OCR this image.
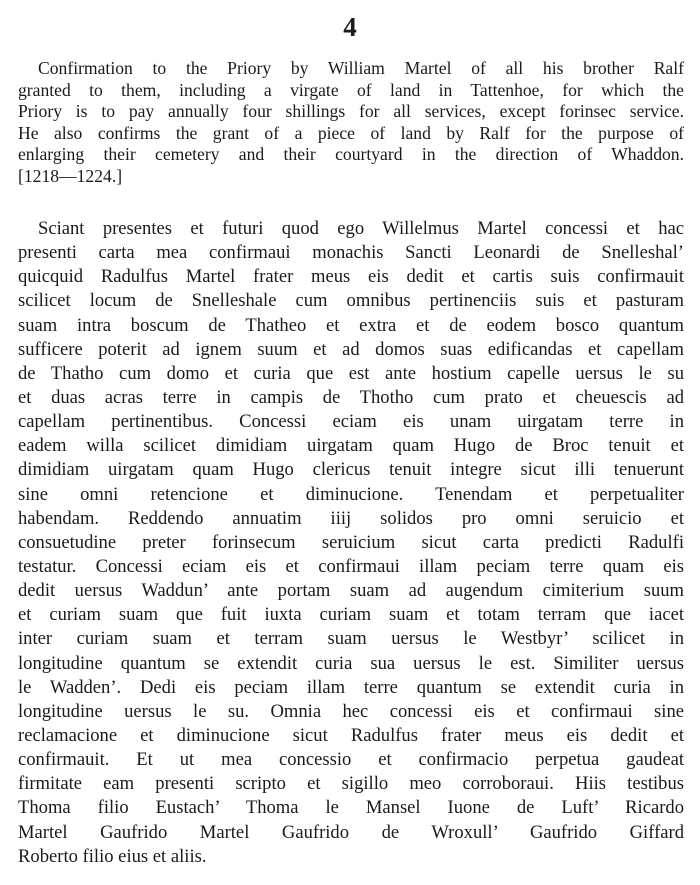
4
Confirmation to the Priory by William Martel of all his brother Ralf
granted to them, including a virgate of land in Tattenhoe, for which the
Priory is to pay annually four shillings for all services, except forinsec service.
He also confirms the grant of a piece of land by Ralf for the purpose of
enlarging their cemetery and their courtyard in the direction of Whaddon.
[1218—1224.]
Sciant presentes et futuri quod ego Willelmus Martel concessi et hac
presenti carta mea confirmaui monachis Sancti Leonardi de Snelleshal’
quicquid Radulfus Martel frater meus eis dedit et cartis suis confirmauit
scilicet locum de Snelleshale cum omnibus pertinenciis suis et pasturam
suam intra boscum de Thatheo et extra et de eodem bosco quantum
sufficere poterit ad ignem suum et ad domos suas edificandas et capellam
de Thatho cum domo et curia que est ante hostium capelle uersus le su
et duas acras terre in campis de Thotho cum prato et cheuescis ad
capellam pertinentibus. Concessi eciam eis unam uirgatam terre in
eadem willa scilicet dimidiam uirgatam quam Hugo de Broc tenuit et
dimidiam uirgatam quam Hugo clericus tenuit integre sicut illi tenuerunt
sine omni retencione et diminucione. Tenendam et perpetualiter
habendam. Reddendo annuatim iiij solidos pro omni seruicio et
consuetudine preter forinsecum seruicium sicut carta predicti Radulfi
testatur. Concessi eciam eis et confirmaui illam peciam terre quam eis
dedit uersus Waddun’ ante portam suam ad augendum cimiterium suum
et curiam suam que fuit iuxta curiam suam et totam terram que iacet
inter curiam suam et terram suam uersus le Westbyr’ scilicet in
longitudine quantum se extendit curia sua uersus le est. Similiter uersus
le Wadden’. Dedi eis peciam illam terre quantum se extendit curia in
longitudine uersus le su. Omnia hec concessi eis et confirmaui sine
reclamacione et diminucione sicut Radulfus frater meus eis dedit et
confirmauit. Et ut mea concessio et confirmacio perpetua gaudeat
firmitate eam presenti scripto et sigillo meo corroboraui. Hiis testibus
Thoma filio Eustach’ Thoma le Mansel Iuone de Luft’ Ricardo
Martel Gaufrido Martel Gaufrido de Wroxull’ Gaufrido Giffard
Roberto filio eius et aliis.
